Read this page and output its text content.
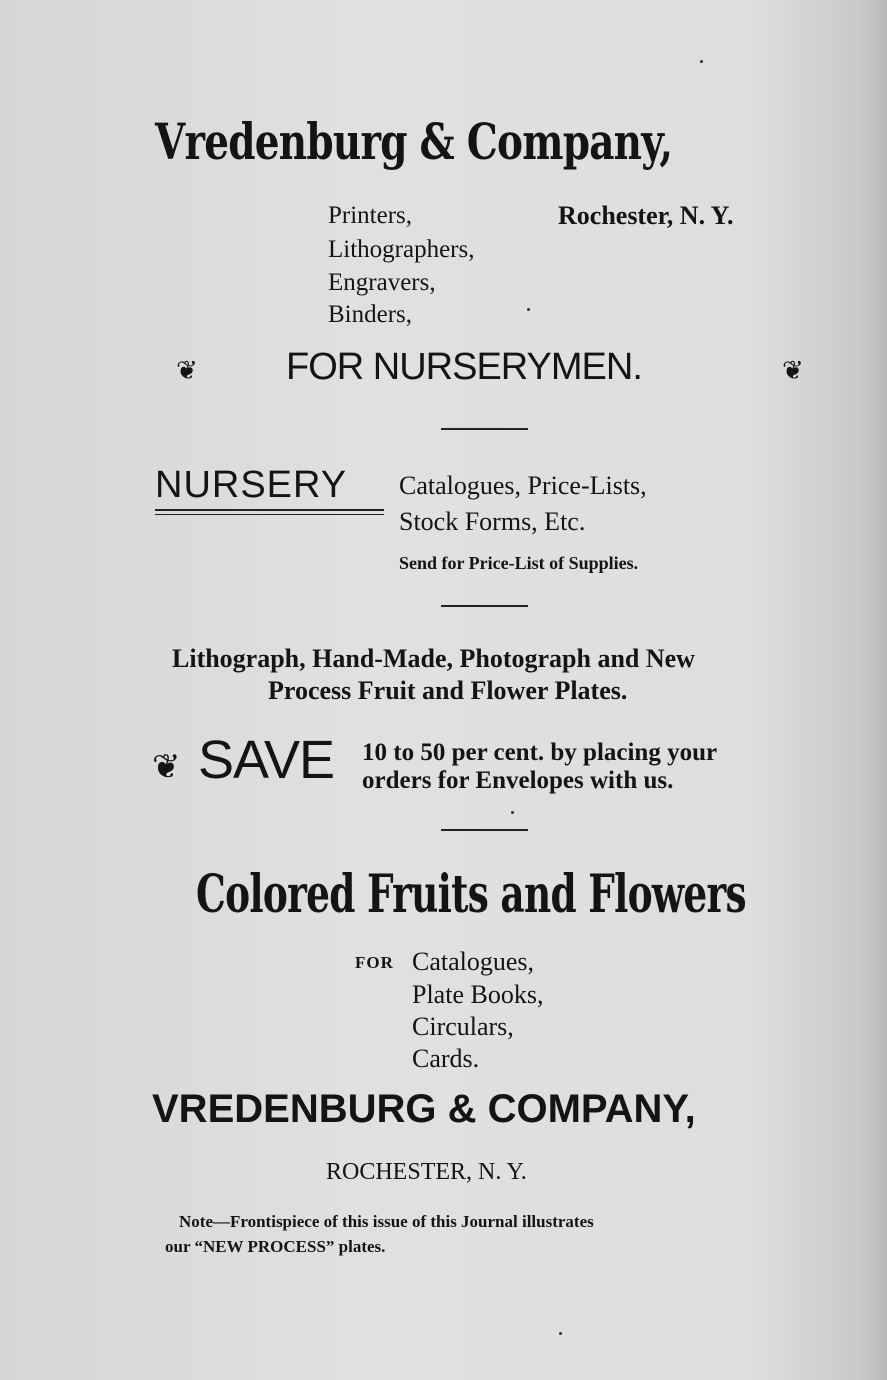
Vredenburg & Company,
Printers,
Lithographers,
Engravers,
Binders,
Rochester, N. Y.
❦ FOR NURSERYMEN.	❦
NURSERY Catalogues, Price-Lists,
Stock Forms, Etc.
Send for Price-List of Supplies.
Lithograph, Hand-Made, Photograph and New
Process Fruit and Flower Plates.
❦ SAVE 10 to 50 per cent. by placing your
orders for Envelopes with us.
Colored Fruits and Flowers
FOR Catalogues,
Plate Books,
Circulars,
Cards.
VREDENBURG & COMPANY,
ROCHESTER, N. Y.
Note—Frontispiece of this issue of this Journal illustrates
our “NEW PROCESS” plates.
